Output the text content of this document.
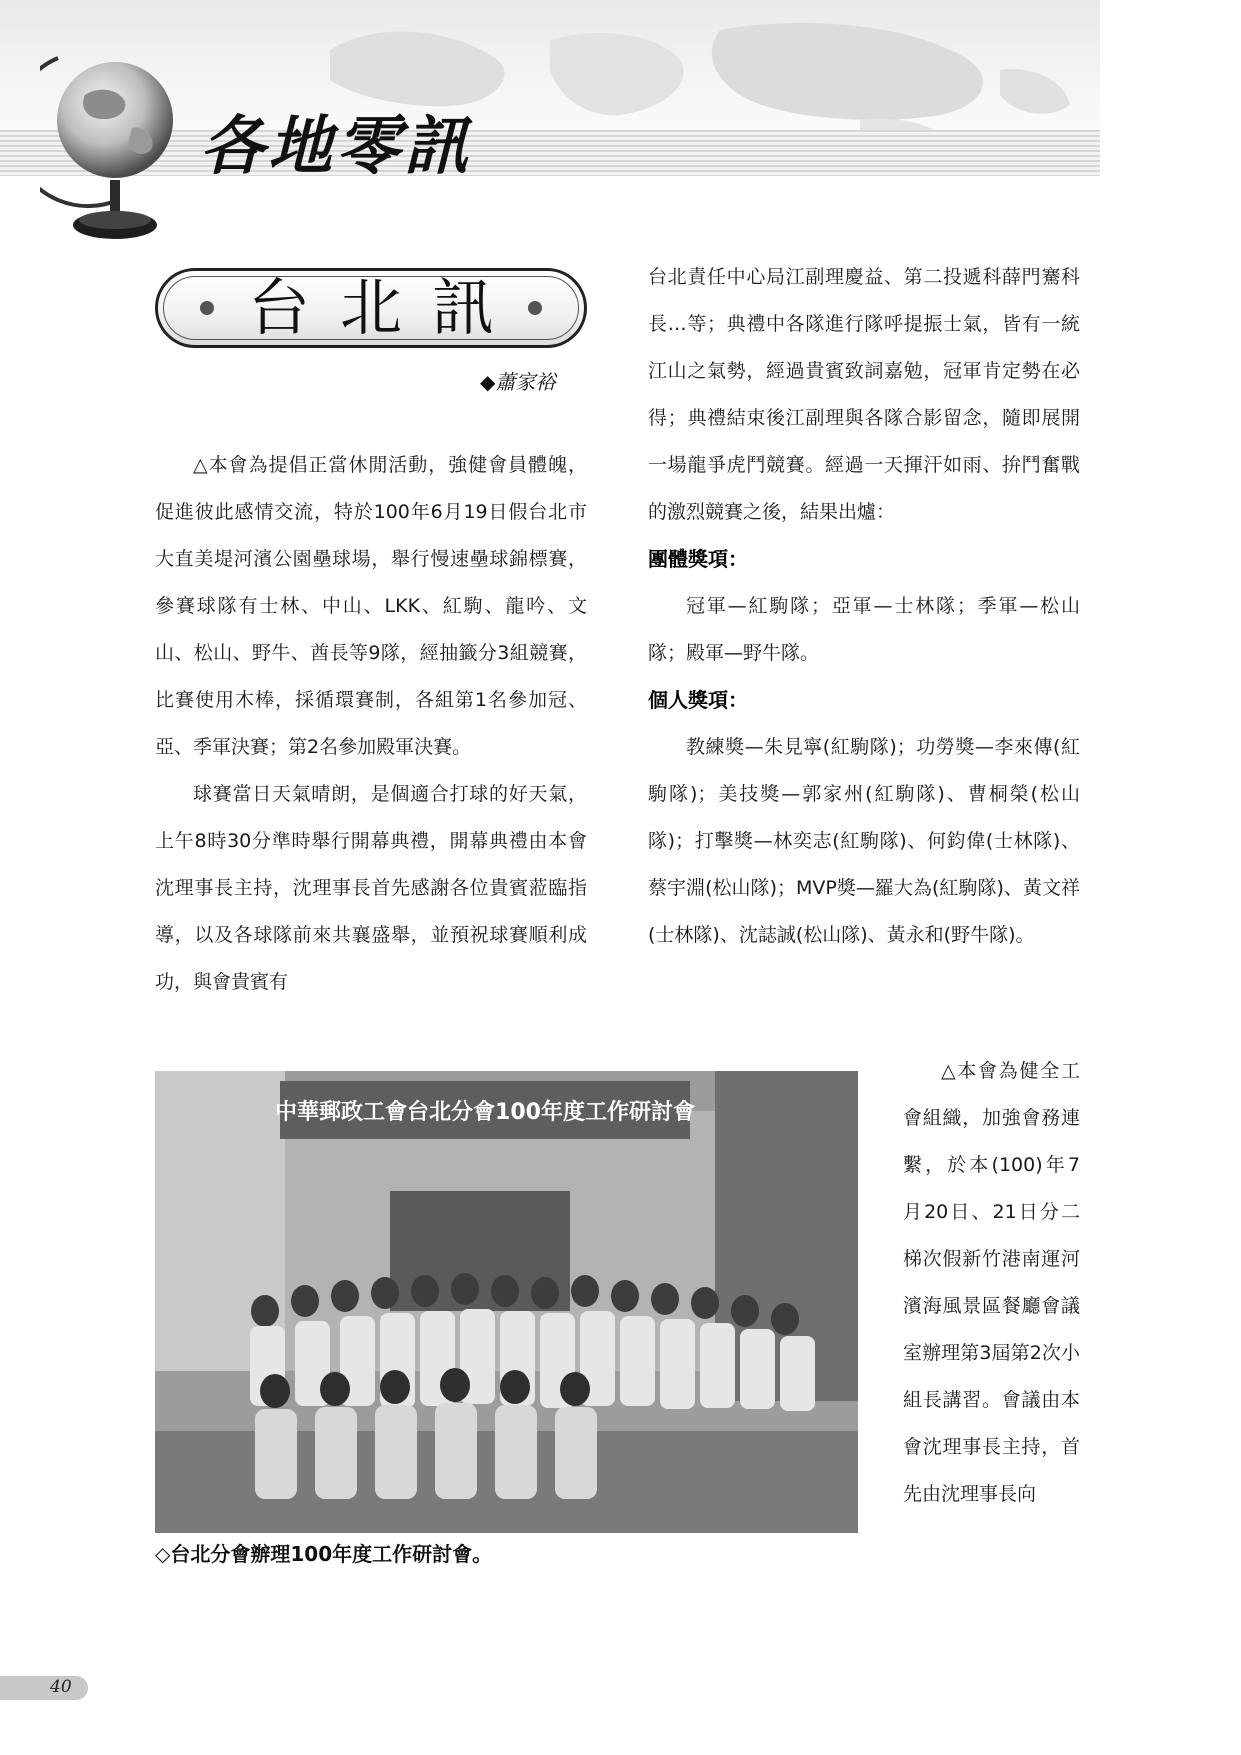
各地零訊
台北訊
◆蕭家裕

△本會為提倡正當休閒活動，強健會員體魄，促進彼此感情交流，特於100年6月19日假台北市大直美堤河濱公園壘球場，舉行慢速壘球錦標賽，參賽球隊有士林、中山、LKK、紅駒、龍吟、文山、松山、野牛、酋長等9隊，經抽籤分3組競賽，比賽使用木棒，採循環賽制，各組第1名參加冠、亞、季軍決賽；第2名參加殿軍決賽。

球賽當日天氣晴朗，是個適合打球的好天氣，上午8時30分準時舉行開幕典禮，開幕典禮由本會沈理事長主持，沈理事長首先感謝各位貴賓蒞臨指導，以及各球隊前來共襄盛舉，並預祝球賽順利成功，與會貴賓有

台北責任中心局江副理慶益、第二投遞科薛門騫科長…等；典禮中各隊進行隊呼提振士氣，皆有一統江山之氣勢，經過貴賓致詞嘉勉，冠軍肯定勢在必得；典禮結束後江副理與各隊合影留念，隨即展開一場龍爭虎鬥競賽。經過一天揮汗如雨、拚鬥奮戰的激烈競賽之後，結果出爐：

團體獎項：

冠軍—紅駒隊；亞軍—士林隊；季軍—松山隊；殿軍—野牛隊。

個人獎項：

教練獎—朱見寧(紅駒隊)；功勞獎—李來傳(紅駒隊)；美技獎—郭家州(紅駒隊)、曹桐榮(松山隊)；打擊獎—林奕志(紅駒隊)、何鈞偉(士林隊)、蔡宇淵(松山隊)；MVP獎—羅大為(紅駒隊)、黃文祥(士林隊)、沈誌誠(松山隊)、黃永和(野牛隊)。

△本會為健全工會組織，加強會務連繫，於本(100)年7月20日、21日分二梯次假新竹港南運河濱海風景區餐廳會議室辦理第3屆第2次小組長講習。會議由本會沈理事長主持，首先由沈理事長向

中華郵政工會台北分會100年度工作研討會
◇台北分會辦理100年度工作研討會。
40
